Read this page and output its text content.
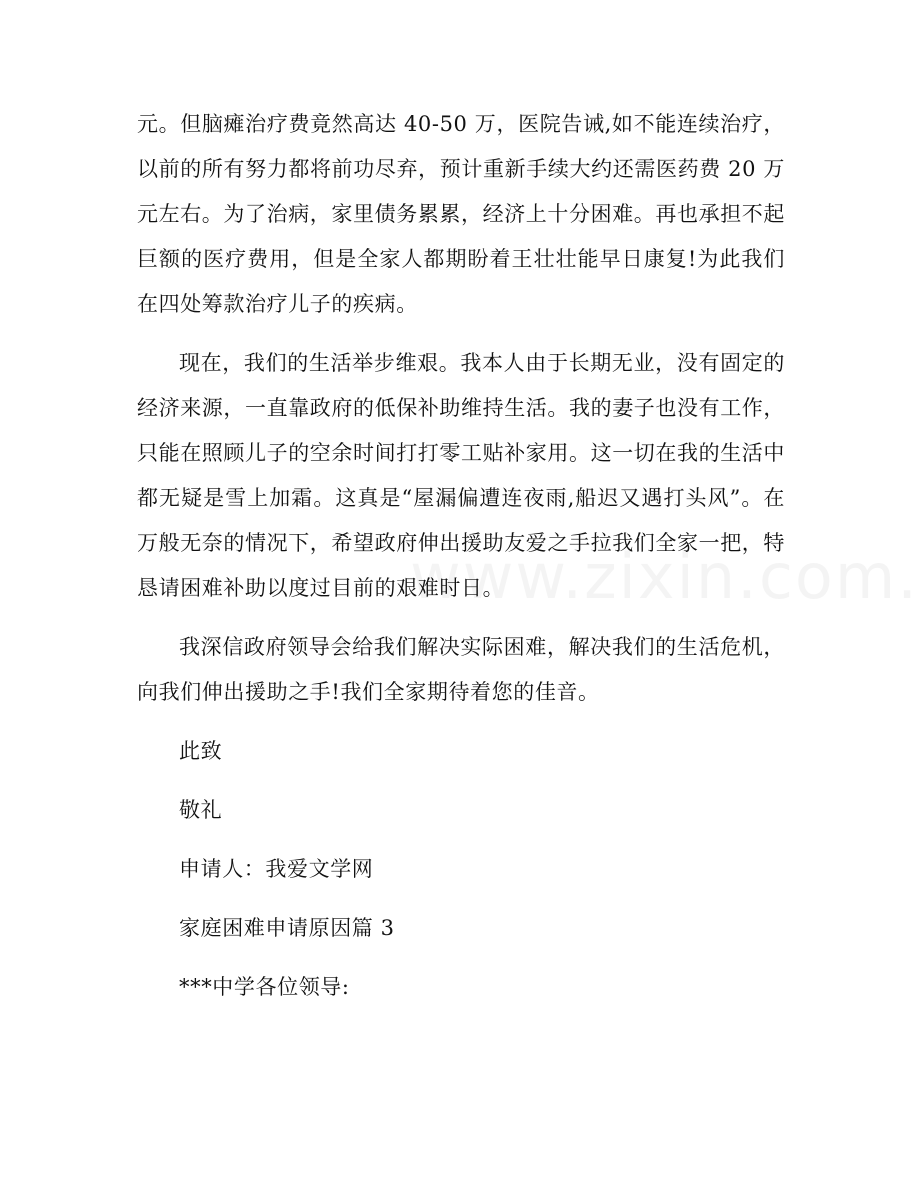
元。但脑瘫治疗费竟然高达 40-50 万，医院告诫,如不能连续治疗，以前的所有努力都将前功尽弃，预计重新手续大约还需医药费 20 万元左右。为了治病，家里债务累累，经济上十分困难。再也承担不起巨额的医疗费用，但是全家人都期盼着王壮壮能早日康复!为此我们在四处筹款治疗儿子的疾病。

现在，我们的生活举步维艰。我本人由于长期无业，没有固定的经济来源，一直靠政府的低保补助维持生活。我的妻子也没有工作，只能在照顾儿子的空余时间打打零工贴补家用。这一切在我的生活中都无疑是雪上加霜。这真是“屋漏偏遭连夜雨,船迟又遇打头风”。在万般无奈的情况下，希望政府伸出援助友爱之手拉我们全家一把，特恳请困难补助以度过目前的艰难时日。

我深信政府领导会给我们解决实际困难，解决我们的生活危机，向我们伸出援助之手!我们全家期待着您的佳音。

此致

敬礼

申请人：我爱文学网

家庭困难申请原因篇 3

***中学各位领导:
